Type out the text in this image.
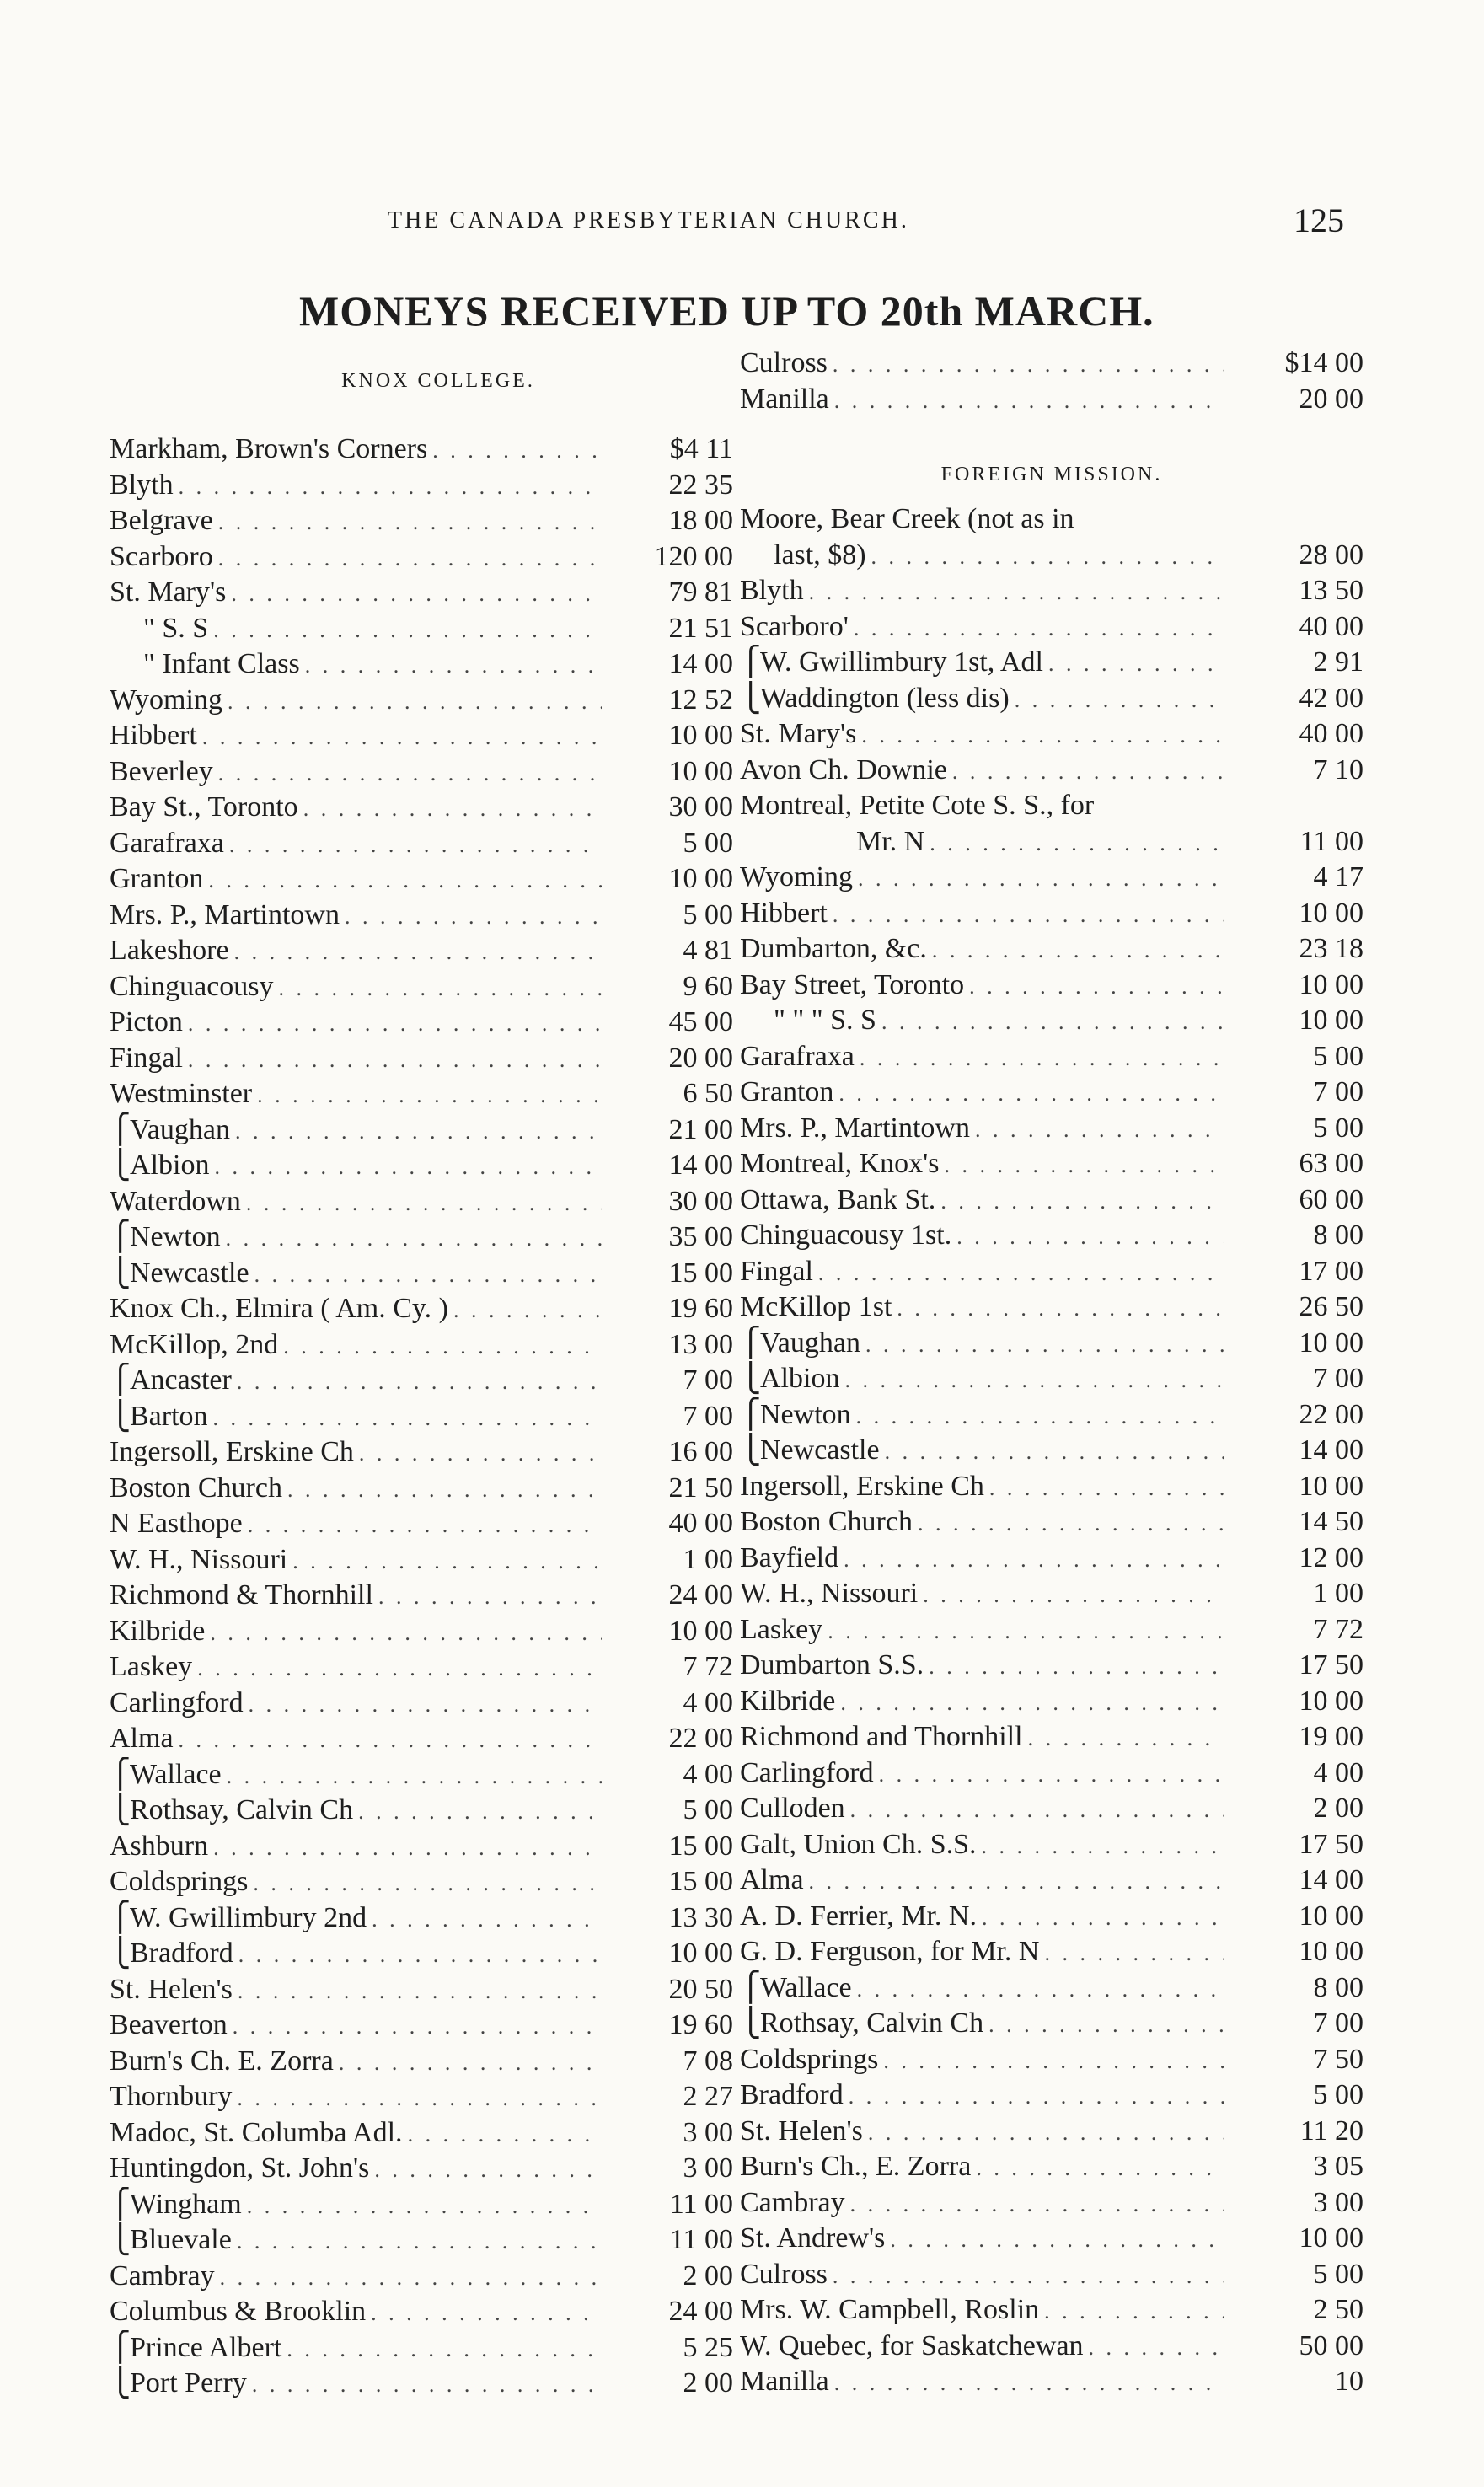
THE CANADA PRESBYTERIAN CHURCH.	125
MONEYS RECEIVED UP TO 20th MARCH.
KNOX COLLEGE.
Markham, Brown's Corners . . .	$4 11
Blyth . . .	22 35
Belgrave . . .	18 00
Scarboro . . .	120 00
St. Mary's . . .	79 81
" S. S . . .	21 51
" Infant Class . . .	14 00
Wyoming . . .	12 52
Hibbert . . .	10 00
Beverley . . .	10 00
Bay St., Toronto . . .	30 00
Garafraxa . . .	5 00
Granton . . .	10 00
Mrs. P., Martintown . . .	5 00
Lakeshore . . .	4 81
Chinguacousy . . .	9 60
Picton . . .	45 00
Fingal . . .	20 00
Westminster . . .	6 50
⎧ Vaughan . . .	21 00
⎩ Albion . . .	14 00
Waterdown . . .	30 00
⎧ Newton . . .	35 00
⎩ Newcastle . . .	15 00
Knox Ch., Elmira ( Am. Cy. ) . . .	19 60
McKillop, 2nd . . .	13 00
⎧ Ancaster . . .	7 00
⎩ Barton . . .	7 00
Ingersoll, Erskine Ch . . .	16 00
Boston Church . . .	21 50
N Easthope . . .	40 00
W. H., Nissouri . . .	1 00
Richmond & Thornhill . . .	24 00
Kilbride . . .	10 00
Laskey . . .	7 72
Carlingford . . .	4 00
Alma . . .	22 00
⎧ Wallace . . .	4 00
⎩ Rothsay, Calvin Ch . . .	5 00
Ashburn . . .	15 00
Coldsprings . . .	15 00
⎧ W. Gwillimbury 2nd . . .	13 30
⎩ Bradford . . .	10 00
St. Helen's . . .	20 50
Beaverton . . .	19 60
Burn's Ch. E. Zorra . . .	7 08
Thornbury . . .	2 27
Madoc, St. Columba Adl. . . .	3 00
Huntingdon, St. John's . . .	3 00
⎧ Wingham . . .	11 00
⎩ Bluevale . . .	11 00
Cambray . . .	2 00
Columbus & Brooklin . . .	24 00
⎧ Prince Albert . . .	5 25
⎩ Port Perry . . .	2 00
Culross . . .	$14 00
Manilla . . .	20 00
FOREIGN MISSION.
Moore, Bear Creek (not as in
last, $8) . . .	28 00
Blyth . . .	13 50
Scarboro' . . .	40 00
⎧ W. Gwillimbury 1st, Adl . . .	2 91
⎩ Waddington (less dis) . . .	42 00
St. Mary's . . .	40 00
Avon Ch. Downie . . .	7 10
Montreal, Petite Cote S. S., for
Mr. N . . .	11 00
Wyoming . . .	4 17
Hibbert . . .	10 00
Dumbarton, &c. . . .	23 18
Bay Street, Toronto . . .	10 00
" " " S. S . . .	10 00
Garafraxa . . .	5 00
Granton . . .	7 00
Mrs. P., Martintown . . .	5 00
Montreal, Knox's . . .	63 00
Ottawa, Bank St. . . .	60 00
Chinguacousy 1st. . . .	8 00
Fingal . . .	17 00
McKillop 1st . . .	26 50
⎧ Vaughan . . .	10 00
⎩ Albion . . .	7 00
⎧ Newton . . .	22 00
⎩ Newcastle . . .	14 00
Ingersoll, Erskine Ch . . .	10 00
Boston Church . . .	14 50
Bayfield . . .	12 00
W. H., Nissouri . . .	1 00
Laskey . . .	7 72
Dumbarton S.S. . . .	17 50
Kilbride . . .	10 00
Richmond and Thornhill . . .	19 00
Carlingford . . .	4 00
Culloden . . .	2 00
Galt, Union Ch. S.S. . . .	17 50
Alma . . .	14 00
A. D. Ferrier, Mr. N. . . .	10 00
G. D. Ferguson, for Mr. N . . .	10 00
⎧ Wallace . . .	8 00
⎩ Rothsay, Calvin Ch . . .	7 00
Coldsprings . . .	7 50
Bradford . . .	5 00
St. Helen's . . .	11 20
Burn's Ch., E. Zorra . . .	3 05
Cambray . . .	3 00
St. Andrew's . . .	10 00
Culross . . .	5 00
Mrs. W. Campbell, Roslin . . .	2 50
W. Quebec, for Saskatchewan . . .	50 00
Manilla . . .	10
